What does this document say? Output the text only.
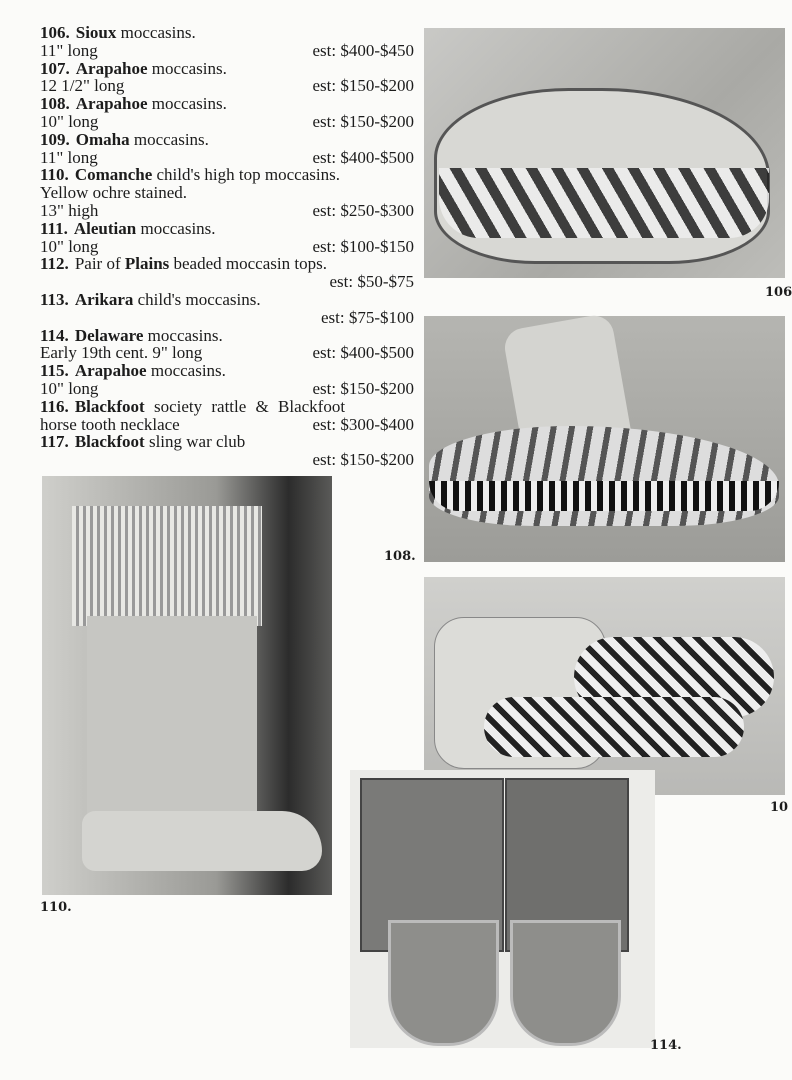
106. Sioux moccasins.
11" long	est: $400-$450
107. Arapahoe moccasins.
12 1/2" long	est: $150-$200
108. Arapahoe moccasins.
10" long	est: $150-$200
109. Omaha moccasins.
11" long	est: $400-$500
110. Comanche child's high top moccasins.
Yellow ochre stained.
13" high	est: $250-$300
111. Aleutian moccasins.
10" long	est: $100-$150
112. Pair of Plains beaded moccasin tops.
est: $50-$75
113. Arikara child's moccasins.
est: $75-$100
114. Delaware moccasins.
Early 19th cent. 9" long	est: $400-$500
115. Arapahoe moccasins.
10" long	est: $150-$200
116. Blackfoot society rattle & Blackfoot
horse tooth necklace	est: $300-$400
117. Blackfoot sling war club
est: $150-$200
106
108.
10
110.
114.
